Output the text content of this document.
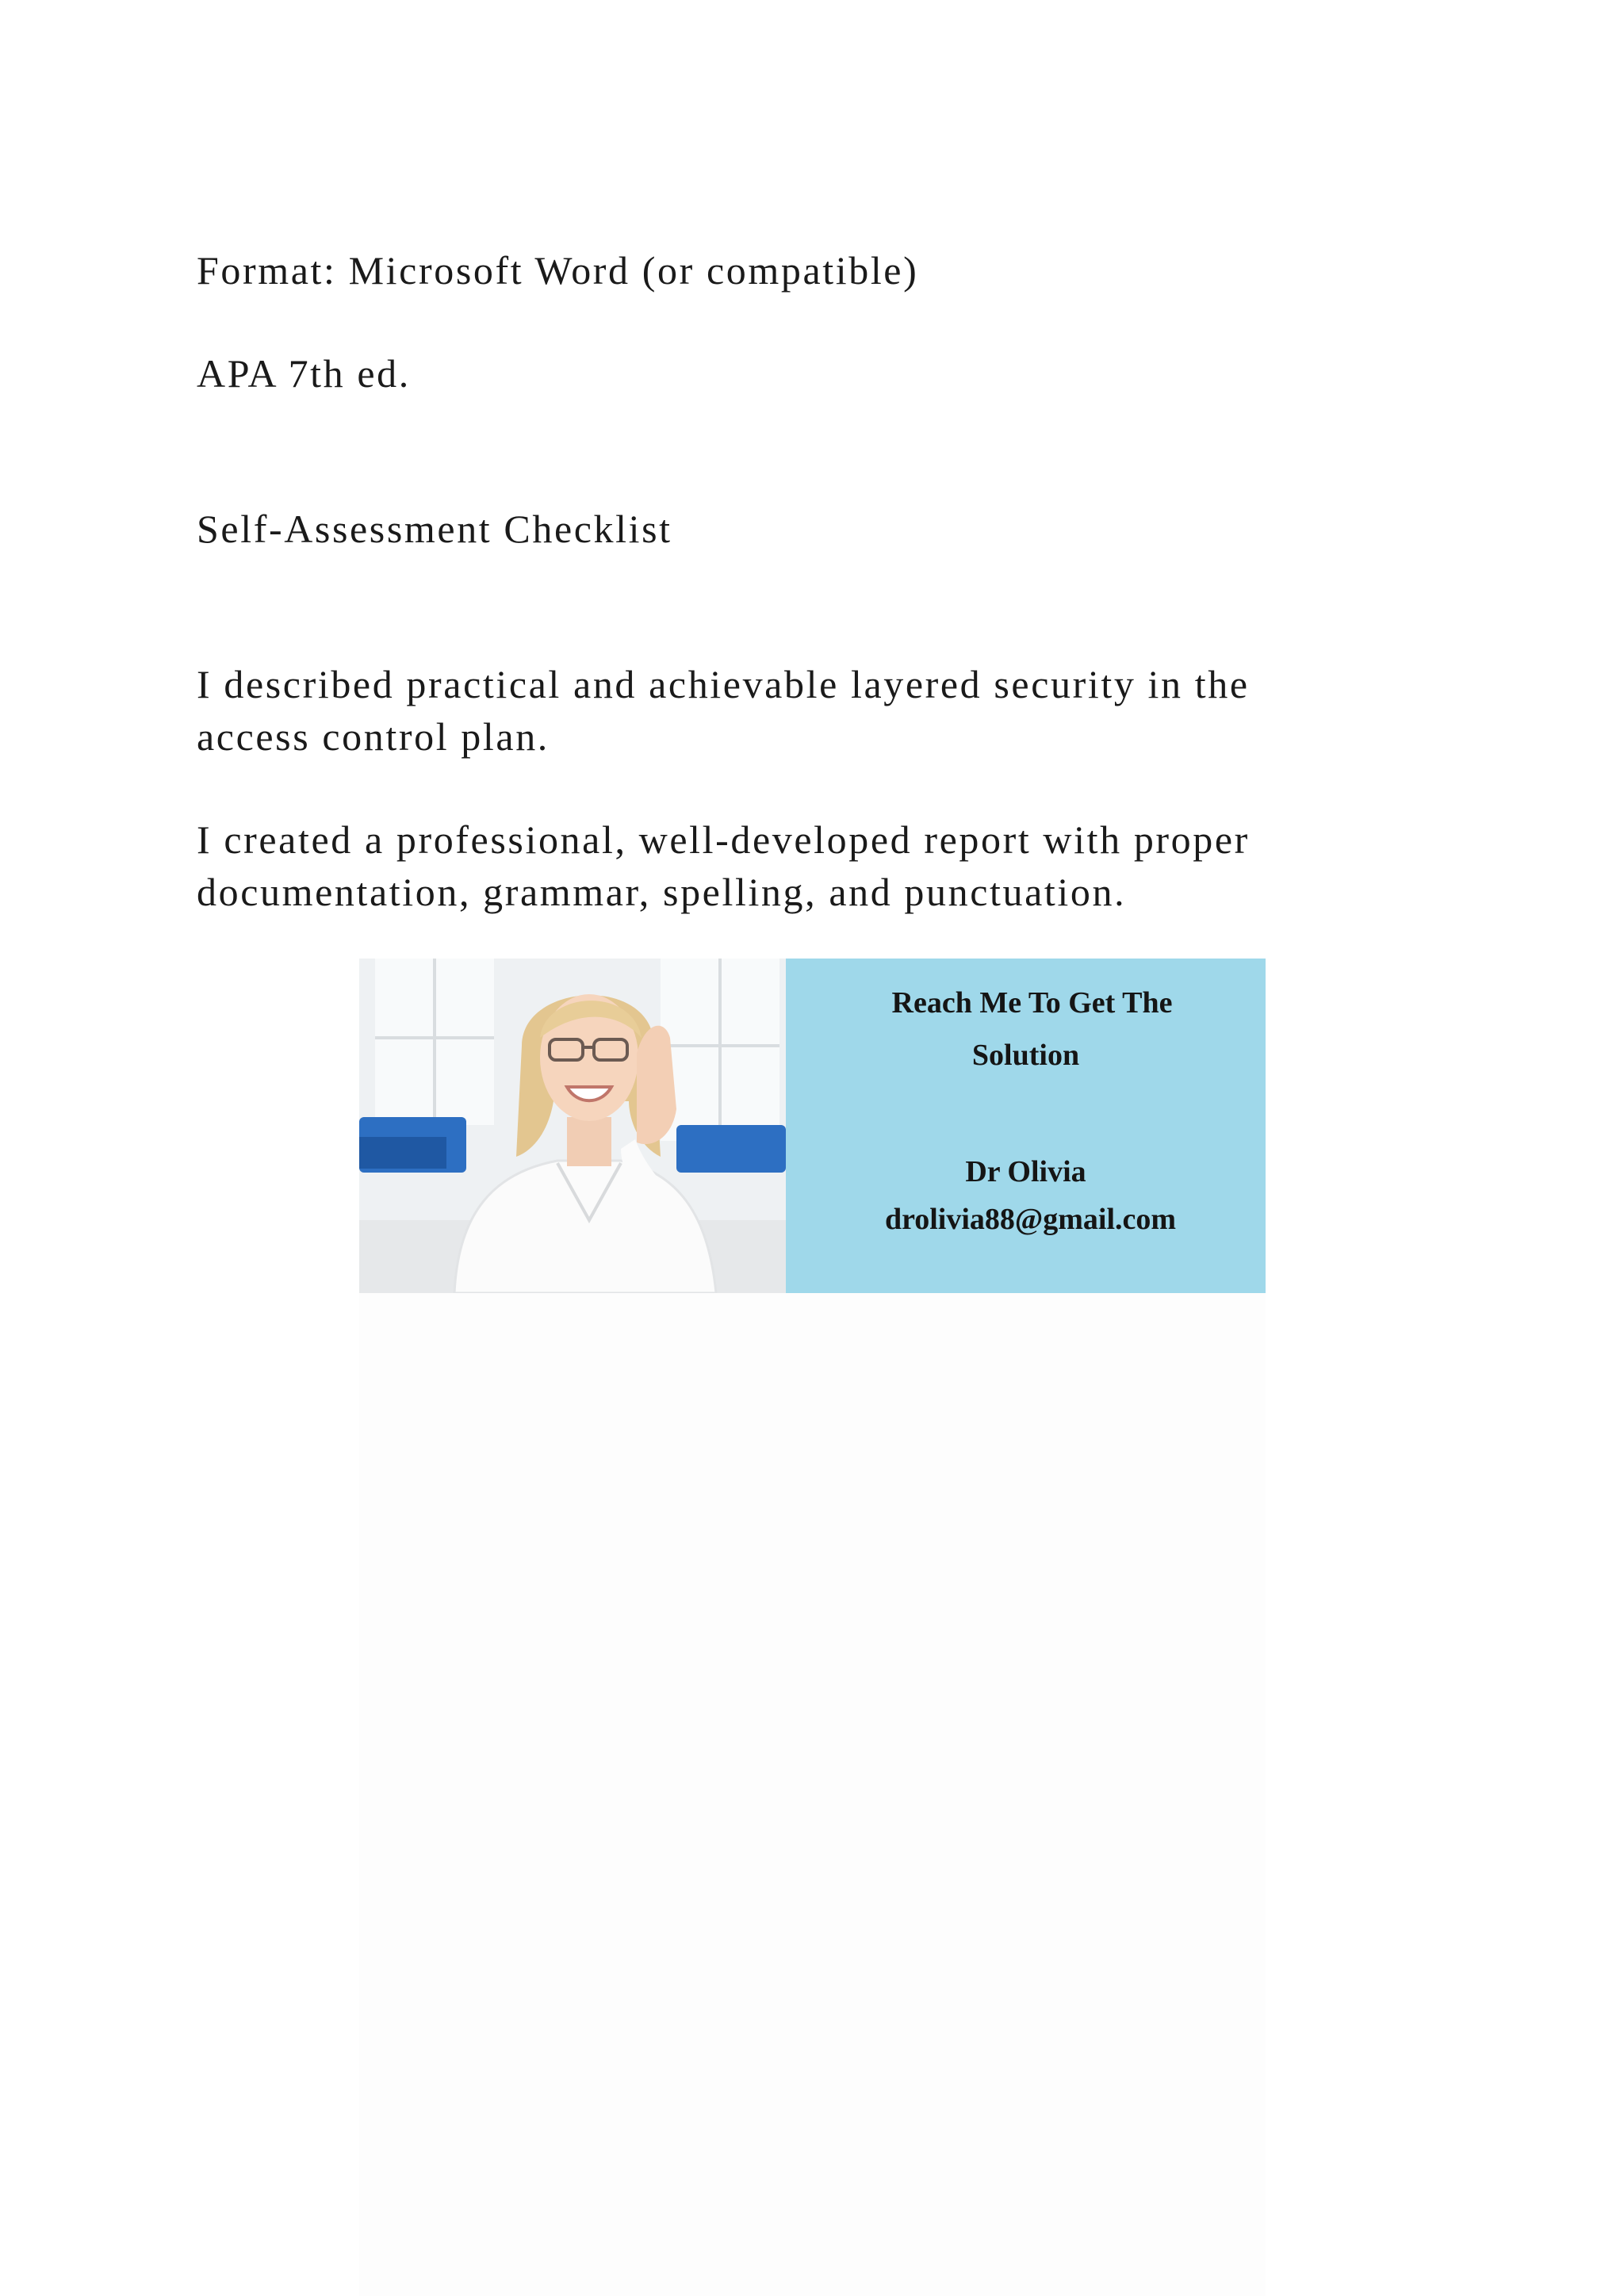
Format: Microsoft Word (or compatible)

APA 7th ed.

Self-Assessment Checklist

I described practical and achievable layered security in the
access control plan.

I created a professional, well-developed report with proper
documentation, grammar, spelling, and punctuation.

Reach Me To Get The
Solution
Dr Olivia
drolivia88@gmail.com
